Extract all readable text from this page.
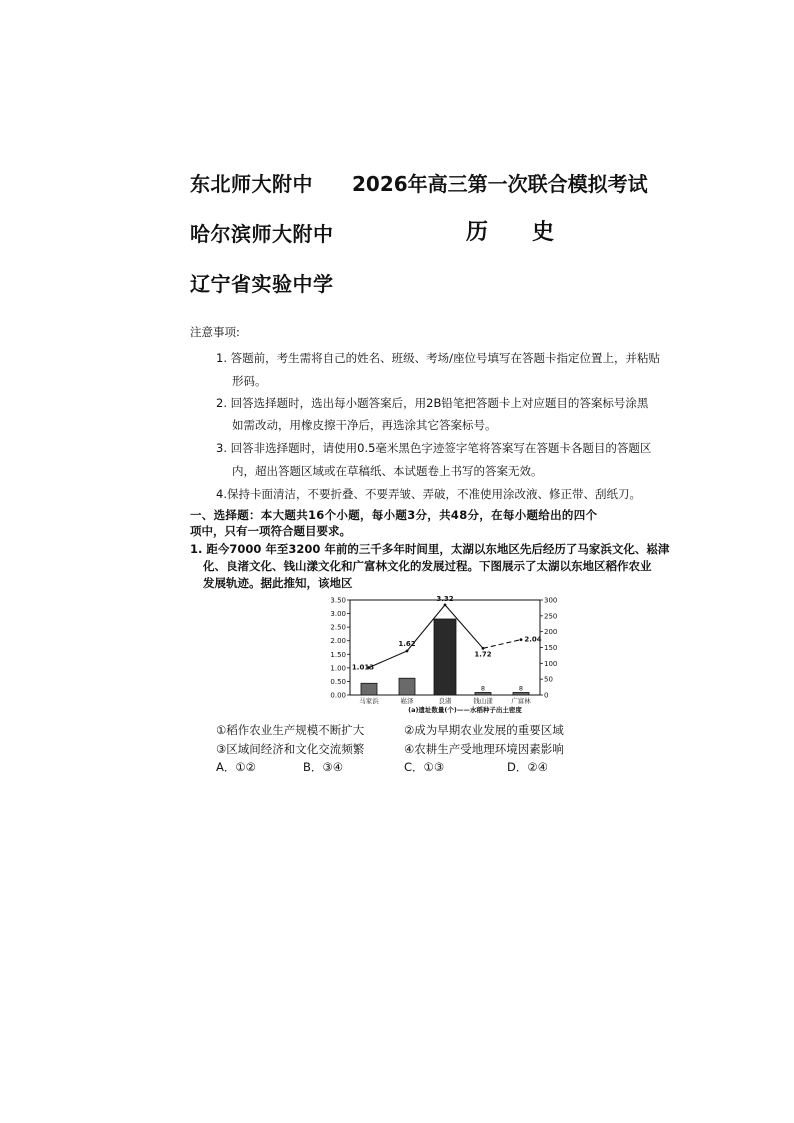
东北师大附中 2026年高三第一次联合模拟考试
哈尔滨师大附中	历　　史
辽宁省实验中学
注意事项:
1. 答题前，考生需将自己的姓名、班级、考场/座位号填写在答题卡指定位置上，并粘贴
形码。
2. 回答选择题时，选出每小题答案后，用2B铅笔把答题卡上对应题目的答案标号涂黑
如需改动，用橡皮擦干净后，再选涂其它答案标号。
3. 回答非选择题时，请使用0.5毫米黑色字迹签字笔将答案写在答题卡各题目的答题区
内，超出答题区域或在草稿纸、本试题卷上书写的答案无效。
4.保持卡面清洁，不要折叠、不要弄皱、弄破，不准使用涂改液、修正带、刮纸刀。
一、选择题：本大题共16个小题，每小题3分，共48分，在每小题给出的四个
项中，只有一项符合题目要求。
1. 距今7000 年至3200 年前的三千多年时间里，太湖以东地区先后经历了马家浜文化、崧津
化、良渚文化、钱山漾文化和广富林文化的发展过程。下图展示了太湖以东地区稻作农业
发展轨迹。据此推知，该地区
0.00
0.50
1.00
1.50
2.00
2.50
3.00
3.50
0
50
100
150
200
250
300
8	8
1.013
1.62
3.32
1.72
2.04
马家浜	崧泽	良渚	钱山漾	广富林
(a)遗址数量(个)——水稻种子出土密度
①稻作农业生产规模不断扩大	②成为早期农业发展的重要区域
③区域间经济和文化交流频繁	④农耕生产受地理环境因素影响
A．①②	B．③④	C．①③	D．②④
